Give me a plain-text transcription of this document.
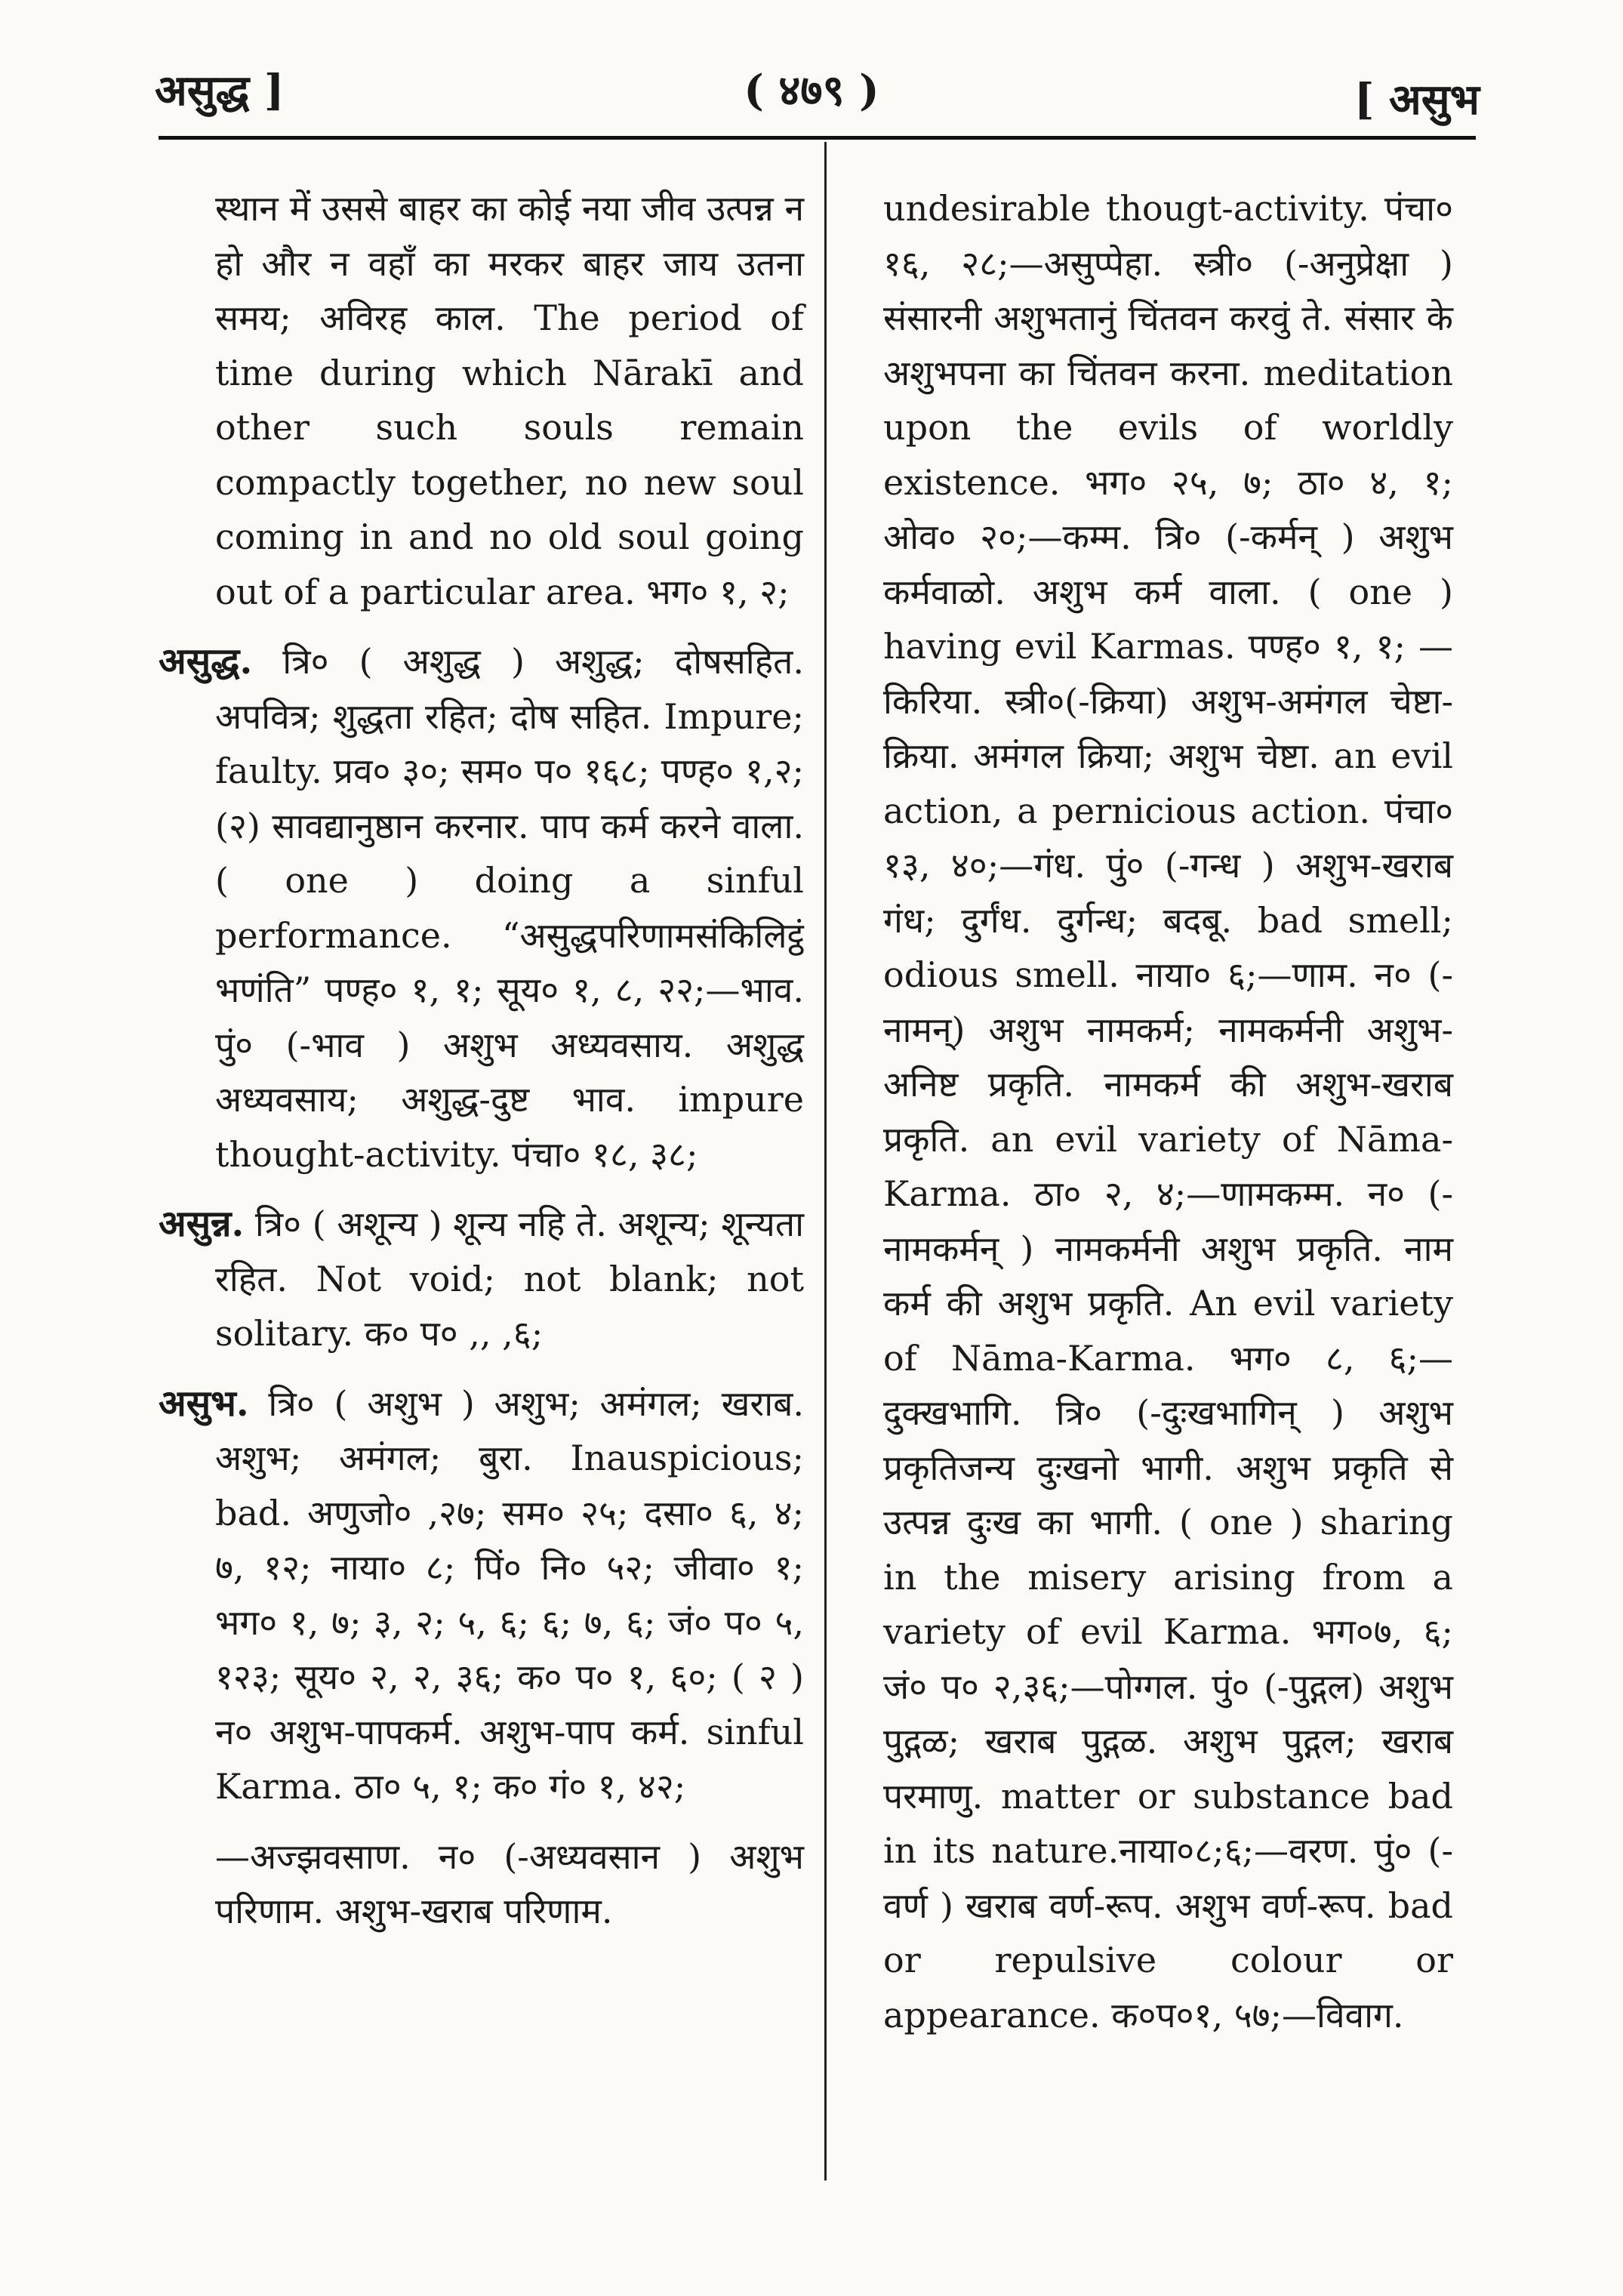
असुद्ध ]	( ४७९ )	[ असुभ

स्थान में उससे बाहर का कोई नया जीव उत्पन्न न हो और न वहाँ का मरकर बाहर जाय उतना समय; अविरह काल. The period of time during which Nārakī and other such souls remain compactly together, no new soul coming in and no old soul going out of a particular area. भग० १, २;

असुद्ध. त्रि० ( अशुद्ध ) अशुद्ध; दोषसहित. अपवित्र; शुद्धता रहित; दोष सहित. Impure; faulty. प्रव० ३०; सम० प० १६८; पण्ह० १,२; (२) सावद्यानुष्ठान करनार. पाप कर्म करने वाला. ( one ) doing a sinful performance. “असुद्धपरिणामसंकिलिट्ठं भणंति” पण्ह० १, १; सूय० १, ८, २२;—भाव. पुं० (-भाव ) अशुभ अध्यवसाय. अशुद्ध अध्यवसाय; अशुद्ध-दुष्ट भाव. impure thought-activity. पंचा० १८, ३८;

असुन्न. त्रि० ( अशून्य ) शून्य नहि ते. अशून्य; शून्यता रहित. Not void; not blank; not solitary. क० प० ,, ,६;

असुभ. त्रि० ( अशुभ ) अशुभ; अमंगल; खराब. अशुभ; अमंगल; बुरा. Inauspicious; bad. अणुजो० ,२७; सम० २५; दसा० ६, ४; ७, १२; नाया० ८; पिं० नि० ५२; जीवा० १; भग० १, ७; ३, २; ५, ६; ६; ७, ६; जं० प० ५, १२३; सूय० २, २, ३६; क० प० १, ६०; ( २ ) न० अशुभ-पापकर्म. अशुभ-पाप कर्म. sinful Karma. ठा० ५, १; क० गं० १, ४२;

—अज्झवसाण. न० (-अध्यवसान ) अशुभ परिणाम. अशुभ-खराब परिणाम.

undesirable thougt-activity. पंचा० १६, २८;—असुप्पेहा. स्त्री० (-अनुप्रेक्षा ) संसारनी अशुभतानुं चिंतवन करवुं ते. संसार के अशुभपना का चिंतवन करना. meditation upon the evils of worldly existence. भग० २५, ७; ठा० ४, १; ओव० २०;—कम्म. त्रि० (-कर्मन् ) अशुभ कर्मवाळो. अशुभ कर्म वाला. ( one ) having evil Karmas. पण्ह० १, १; —किरिया. स्त्री०(-क्रिया) अशुभ-अमंगल चेष्टा-क्रिया. अमंगल क्रिया; अशुभ चेष्टा. an evil action, a pernicious action. पंचा० १३, ४०;—गंध. पुं० (-गन्ध ) अशुभ-खराब गंध; दुर्गंध. दुर्गन्ध; बदबू. bad smell; odious smell. नाया० ६;—णाम. न० (-नामन्) अशुभ नामकर्म; नामकर्मनी अशुभ-अनिष्ट प्रकृति. नामकर्म की अशुभ-खराब प्रकृति. an evil variety of Nāma-Karma. ठा० २, ४;—णामकम्म. न० (-नामकर्मन् ) नामकर्मनी अशुभ प्रकृति. नाम कर्म की अशुभ प्रकृति. An evil variety of Nāma-Karma. भग० ८, ६;— दुक्खभागि. त्रि० (-दुःखभागिन् ) अशुभ प्रकृतिजन्य दुःखनो भागी. अशुभ प्रकृति से उत्पन्न दुःख का भागी. ( one ) sharing in the misery arising from a variety of evil Karma. भग०७, ६; जं० प० २,३६;—पोग्गल. पुं० (-पुद्गल) अशुभ पुद्गळ; खराब पुद्गळ. अशुभ पुद्गल; खराब परमाणु. matter or substance bad in its nature.नाया०८;६;—वरण. पुं० (-वर्ण ) खराब वर्ण-रूप. अशुभ वर्ण-रूप. bad or repulsive colour or appearance. क०प०१, ५७;—विवाग.
